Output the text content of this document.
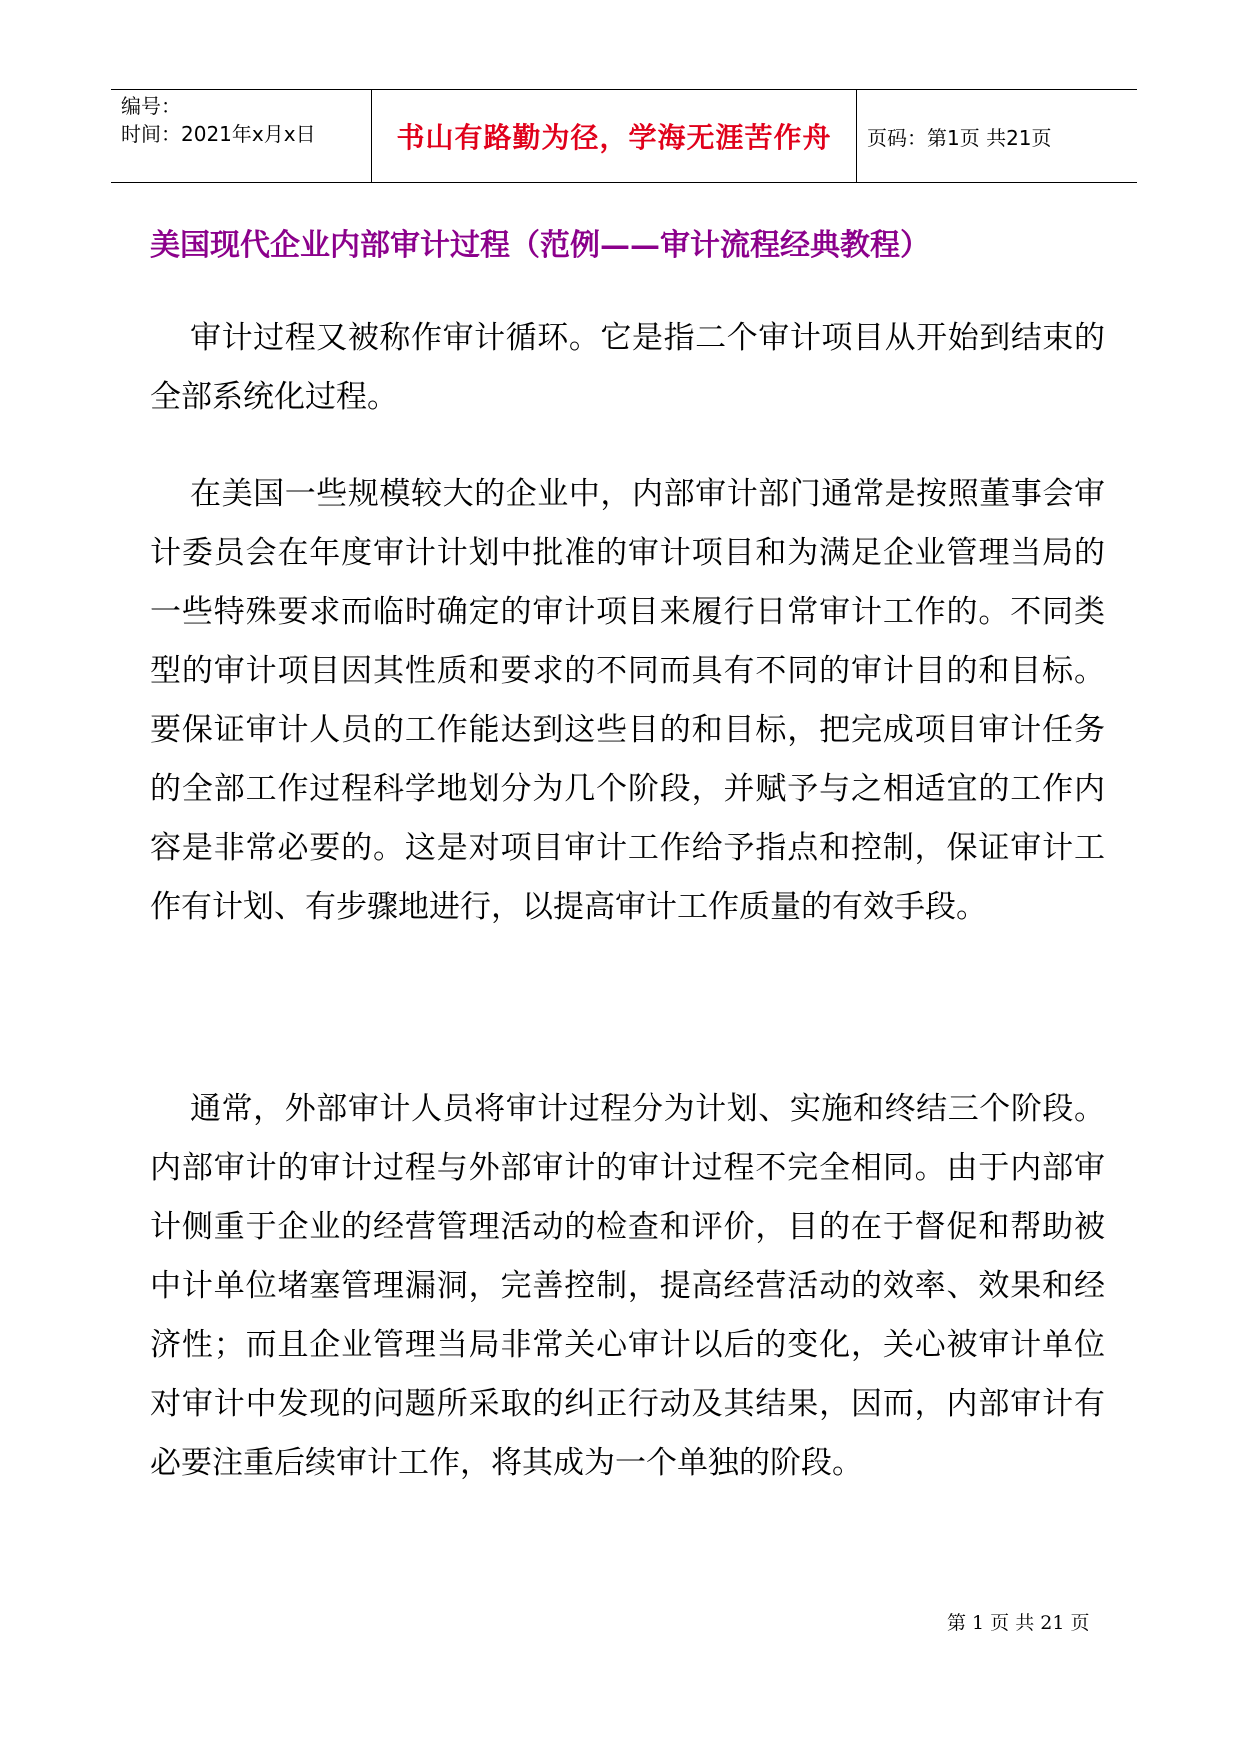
编号：
时间：2021年x月x日	书山有路勤为径，学海无涯苦作舟 页码：第1页 共21页
美国现代企业内部审计过程（范例——审计流程经典教程）

审计过程又被称作审计循环。它是指二个审计项目从开始到结束的全部系统化过程。

在美国一些规模较大的企业中，内部审计部门通常是按照董事会审计委员会在年度审计计划中批准的审计项目和为满足企业管理当局的一些特殊要求而临时确定的审计项目来履行日常审计工作的。不同类型的审计项目因其性质和要求的不同而具有不同的审计目的和目标。要保证审计人员的工作能达到这些目的和目标，把完成项目审计任务的全部工作过程科学地划分为几个阶段，并赋予与之相适宜的工作内容是非常必要的。这是对项目审计工作给予指点和控制，保证审计工作有计划、有步骤地进行，以提高审计工作质量的有效手段。

通常，外部审计人员将审计过程分为计划、实施和终结三个阶段。内部审计的审计过程与外部审计的审计过程不完全相同。由于内部审计侧重于企业的经营管理活动的检查和评价，目的在于督促和帮助被中计单位堵塞管理漏洞，完善控制，提高经营活动的效率、效果和经济性；而且企业管理当局非常关心审计以后的变化，关心被审计单位对审计中发现的问题所采取的纠正行动及其结果，因而，内部审计有必要注重后续审计工作，将其成为一个单独的阶段。

第 1 页 共 21 页
